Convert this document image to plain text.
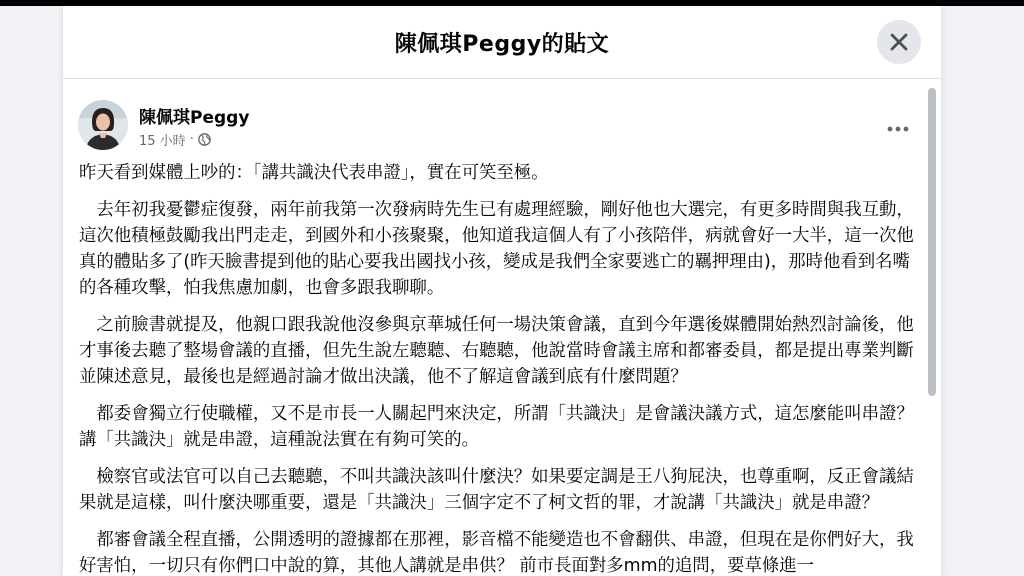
陳佩琪Peggy的貼文
陳佩琪Peggy
15 小時 ·

昨天看到媒體上吵的：「講共識決代表串證」，實在可笑至極。

去年初我憂鬱症復發，兩年前我第一次發病時先生已有處理經驗，剛好他也大選完，有更多時間與我互動，這次他積極鼓勵我出門走走，到國外和小孩聚聚，他知道我這個人有了小孩陪伴，病就會好一大半，這一次他真的體貼多了(昨天臉書提到他的貼心要我出國找小孩，變成是我們全家要逃亡的羈押理由)，那時他看到名嘴的各種攻擊，怕我焦慮加劇，也會多跟我聊聊。

之前臉書就提及，他親口跟我說他沒參與京華城任何一場決策會議，直到今年選後媒體開始熱烈討論後，他才事後去聽了整場會議的直播，但先生說左聽聽、右聽聽，他說當時會議主席和都審委員，都是提出專業判斷並陳述意見，最後也是經過討論才做出決議，他不了解這會議到底有什麼問題？

都委會獨立行使職權，又不是市長一人關起門來決定，所謂「共識決」是會議決議方式，這怎麼能叫串證？講「共識決」就是串證，這種說法實在有夠可笑的。

檢察官或法官可以自己去聽聽，不叫共識決該叫什麼決？如果要定調是王八狗屁決，也尊重啊，反正會議結果就是這樣，叫什麼決哪重要，還是「共識決」三個字定不了柯文哲的罪，才說講「共識決」就是串證？

都審會議全程直播，公開透明的證據都在那裡，影音檔不能變造也不會翻供、串證，但現在是你們好大，我好害怕，一切只有你們口中說的算，其他人講就是串供？ 前市長面對多mm的追問，要草條進一
